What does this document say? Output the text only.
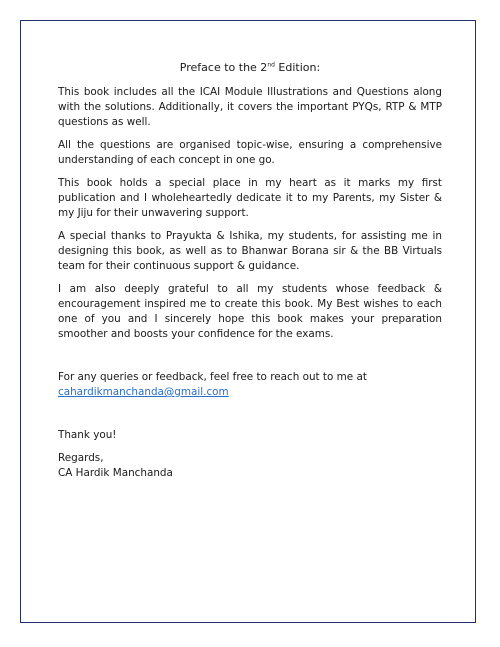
Preface to the 2nd Edition:

This book includes all the ICAI Module Illustrations and Questions along with the solutions. Additionally, it covers the important PYQs, RTP & MTP questions as well.

All the questions are organised topic-wise, ensuring a comprehensive understanding of each concept in one go.

This book holds a special place in my heart as it marks my first publication and I wholeheartedly dedicate it to my Parents, my Sister & my Jiju for their unwavering support.

A special thanks to Prayukta & Ishika, my students, for assisting me in designing this book, as well as to Bhanwar Borana sir & the BB Virtuals team for their continuous support & guidance.

I am also deeply grateful to all my students whose feedback & encouragement inspired me to create this book. My Best wishes to each one of you and I sincerely hope this book makes your preparation smoother and boosts your confidence for the exams.

For any queries or feedback, feel free to reach out to me at
cahardikmanchanda@gmail.com

Thank you!

Regards,
CA Hardik Manchanda
